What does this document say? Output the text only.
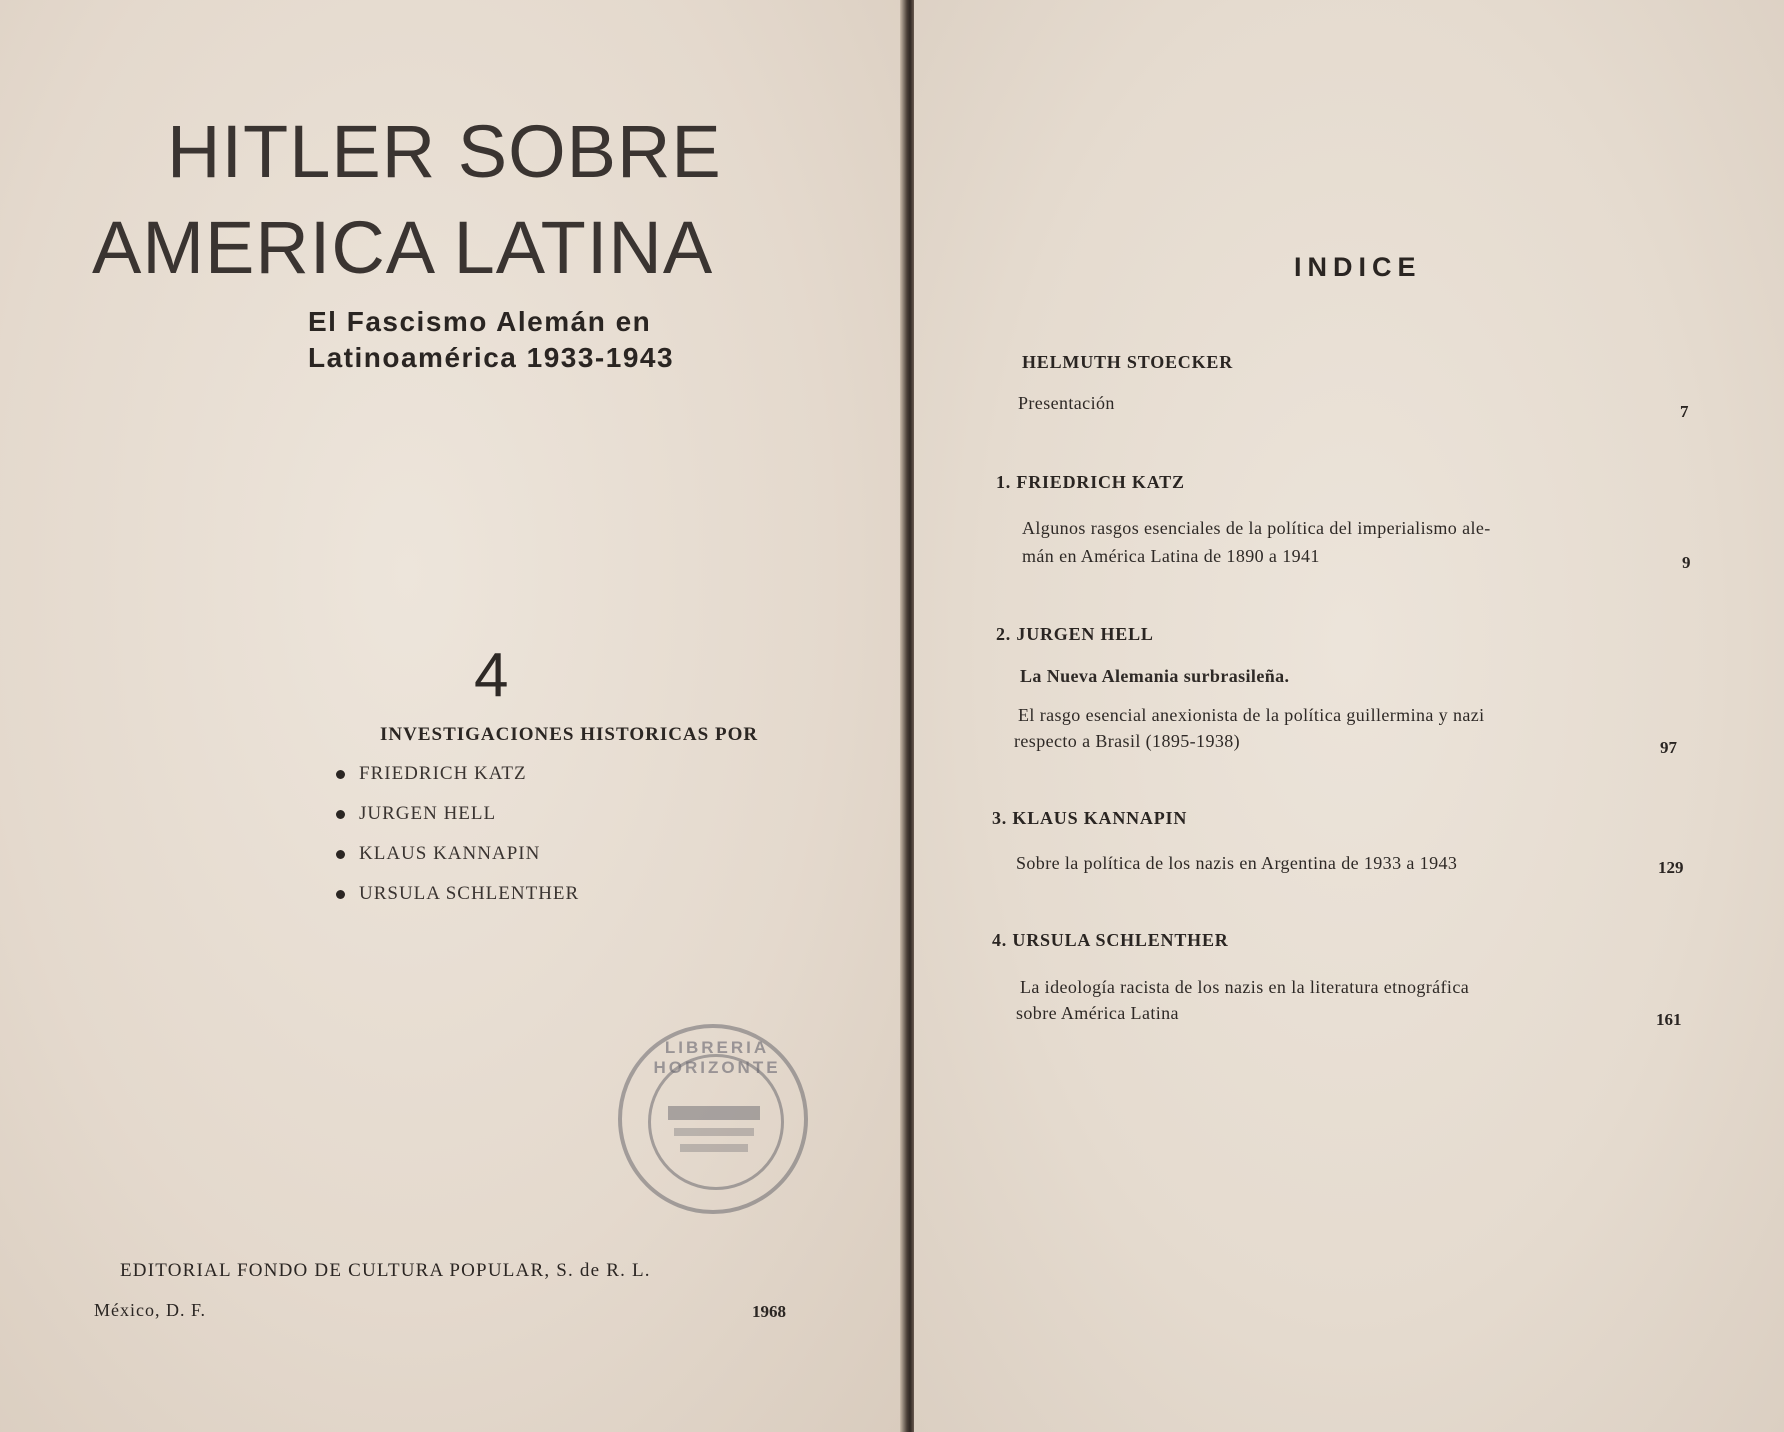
HITLER SOBRE
AMERICA LATINA
El Fascismo Alemán en
Latinoamérica 1933-1943
4
INVESTIGACIONES HISTORICAS POR
FRIEDRICH KATZ
JURGEN HELL
KLAUS KANNAPIN
URSULA SCHLENTHER
LIBRERIA HORIZONTE
EDITORIAL FONDO DE CULTURA POPULAR, S. de R. L.
México, D. F.	1968
INDICE
HELMUTH STOECKER
Presentación	7
1. FRIEDRICH KATZ
Algunos rasgos esenciales de la política del imperialismo ale-
mán en América Latina de 1890 a 1941	9
2. JURGEN HELL
La Nueva Alemania surbrasileña.
El rasgo esencial anexionista de la política guillermina y nazi
respecto a Brasil (1895-1938)	97
3. KLAUS KANNAPIN
Sobre la política de los nazis en Argentina de 1933 a 1943	129
4. URSULA SCHLENTHER
La ideología racista de los nazis en la literatura etnográfica
sobre América Latina	161
